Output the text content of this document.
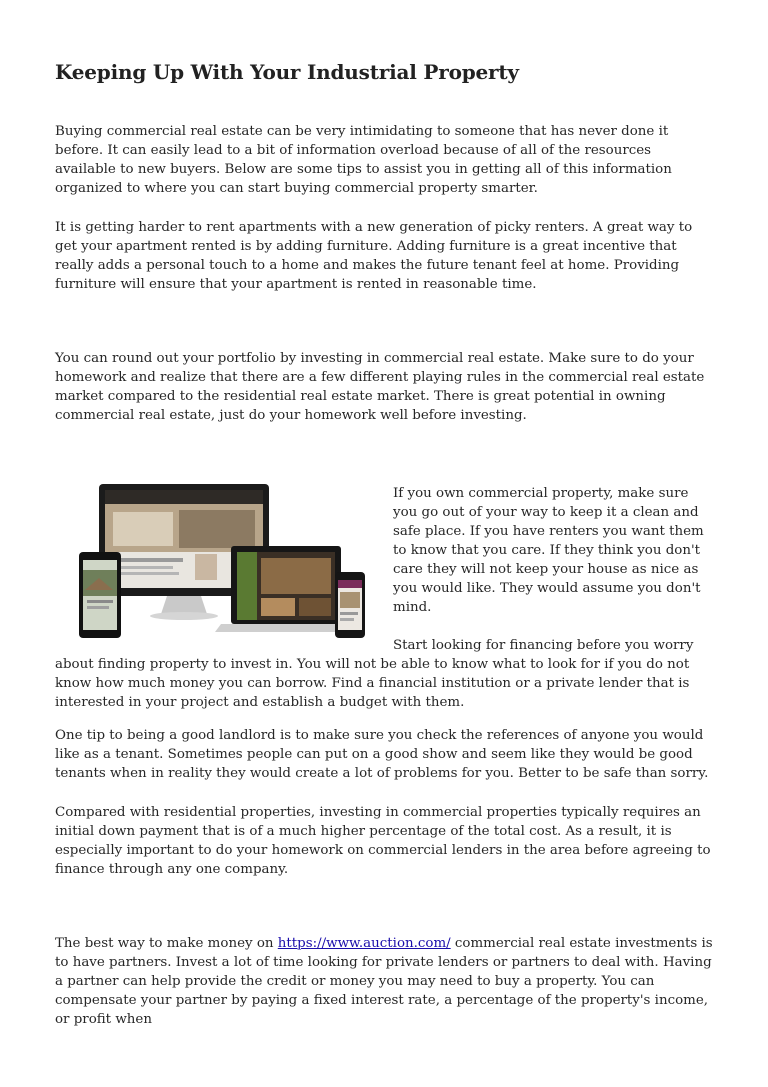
Keeping Up With Your Industrial Property

Buying commercial real estate can be very intimidating to someone that has never done it before. It can easily lead to a bit of information overload because of all of the resources available to new buyers. Below are some tips to assist you in getting all of this information organized to where you can start buying commercial property smarter.

It is getting harder to rent apartments with a new generation of picky renters. A great way to get your apartment rented is by adding furniture. Adding furniture is a great incentive that really adds a personal touch to a home and makes the future tenant feel at home. Providing furniture will ensure that your apartment is rented in reasonable time.

You can round out your portfolio by investing in commercial real estate. Make sure to do your homework and realize that there are a few different playing rules in the commercial real estate market compared to the residential real estate market. There is great potential in owning commercial real estate, just do your homework well before investing.

If you own commercial property, make sure you go out of your way to keep it a clean and safe place. If you have renters you want them to know that you care. If they think you don't care they will not keep your house as nice as you would like. They would assume you don't mind.

Start looking for financing before you worry about finding property to invest in. You will not be able to know what to look for if you do not know how much money you can borrow. Find a financial institution or a private lender that is interested in your project and establish a budget with them.

One tip to being a good landlord is to make sure you check the references of anyone you would like as a tenant. Sometimes people can put on a good show and seem like they would be good tenants when in reality they would create a lot of problems for you. Better to be safe than sorry.

Compared with residential properties, investing in commercial properties typically requires an initial down payment that is of a much higher percentage of the total cost. As a result, it is especially important to do your homework on commercial lenders in the area before agreeing to finance through any one company.

The best way to make money on https://www.auction.com/ commercial real estate investments is to have partners. Invest a lot of time looking for private lenders or partners to deal with. Having a partner can help provide the credit or money you may need to buy a property. You can compensate your partner by paying a fixed interest rate, a percentage of the property's income, or profit when
